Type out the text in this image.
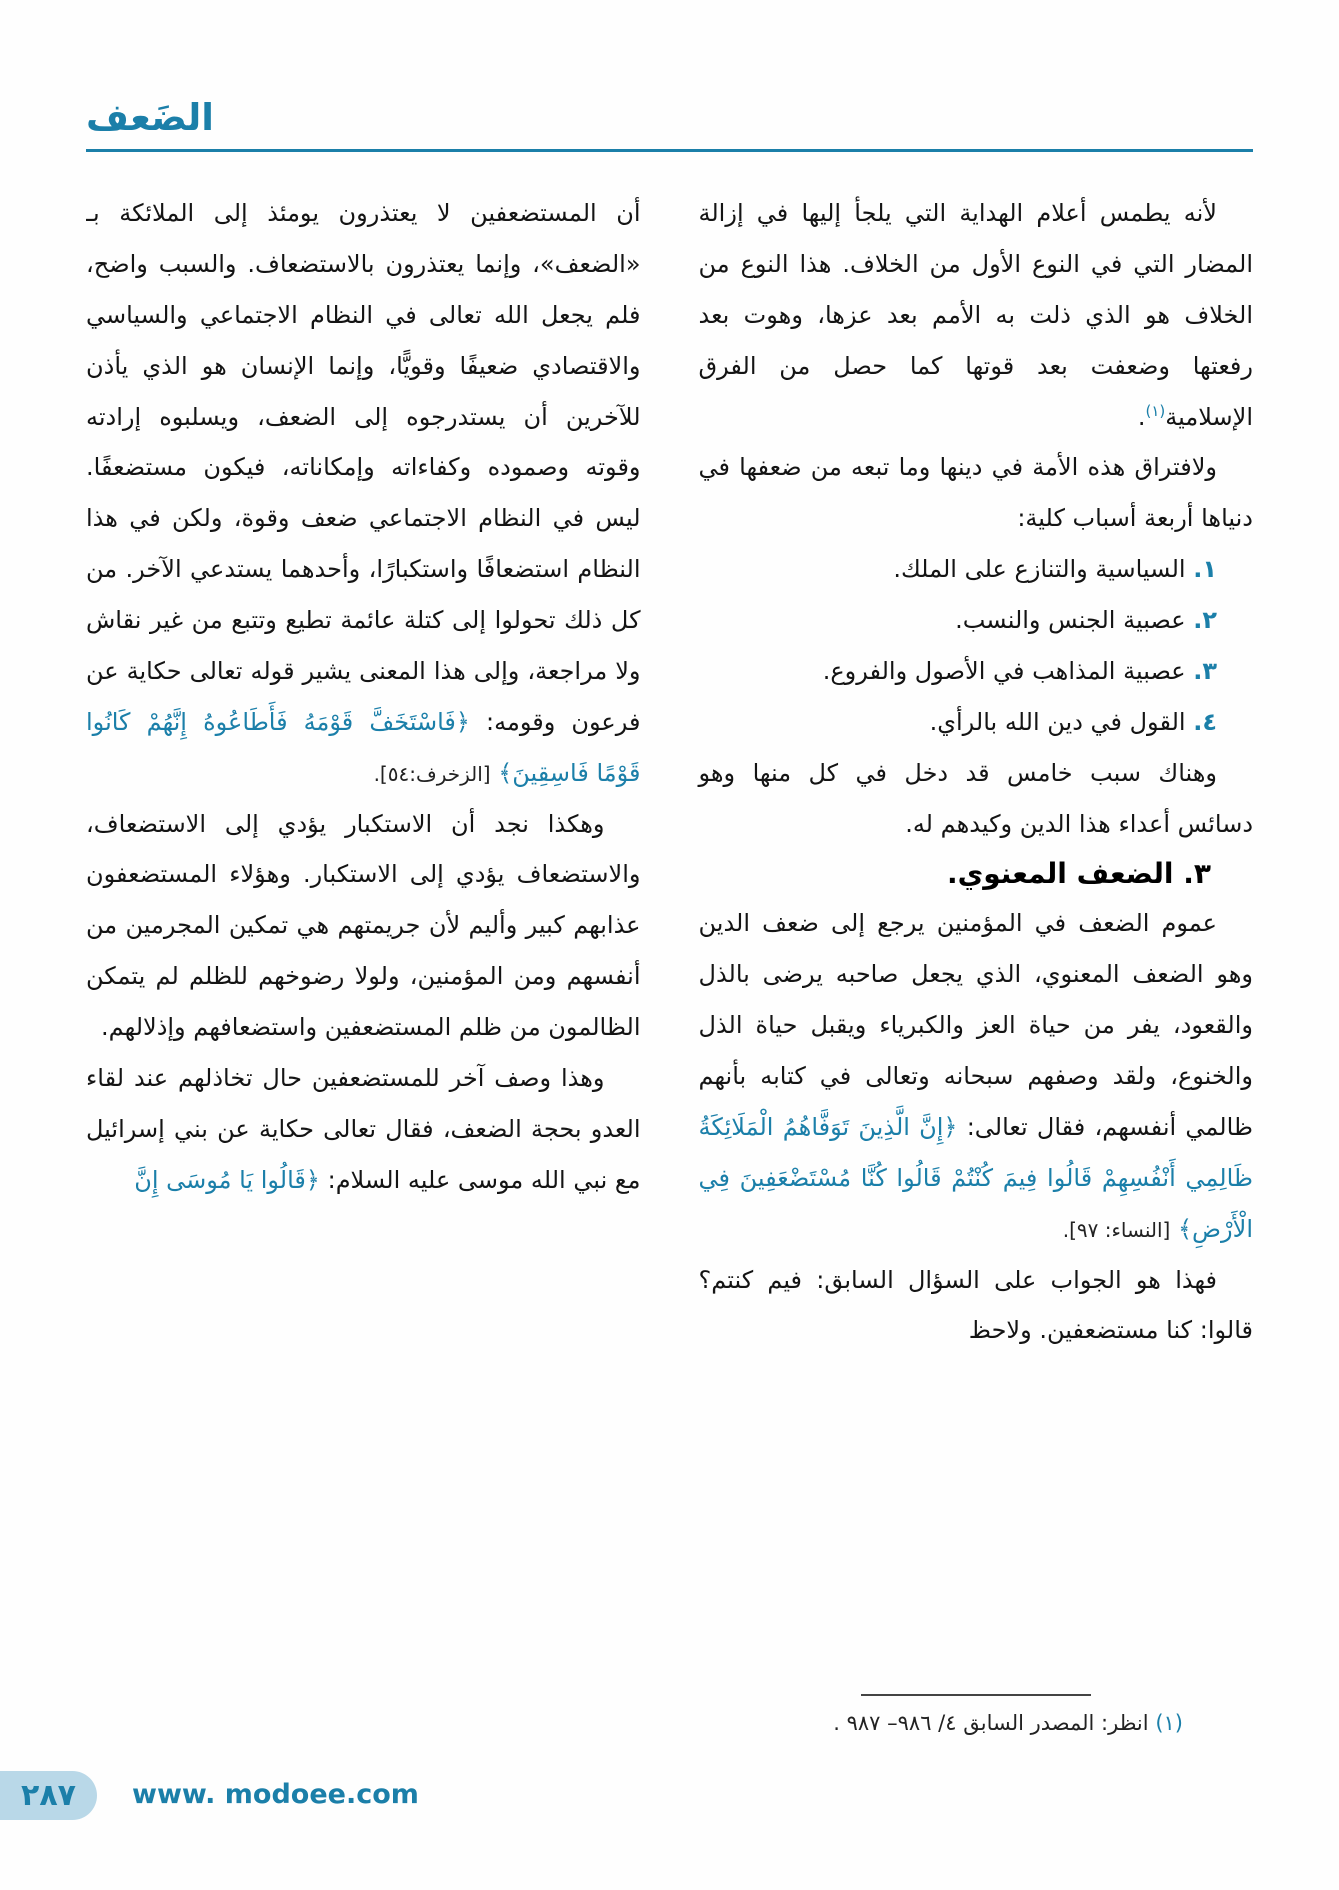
الضَعف

لأنه يطمس أعلام الهداية التي يلجأ إليها في إزالة المضار التي في النوع الأول من الخلاف. هذا النوع من الخلاف هو الذي ذلت به الأمم بعد عزها، وهوت بعد رفعتها وضعفت بعد قوتها كما حصل من الفرق الإسلامية$^{(١)}$.

ولافتراق هذه الأمة في دينها وما تبعه من ضعفها في دنياها أربعة أسباب كلية:

١. السياسية والتنازع على الملك.

٢. عصبية الجنس والنسب.

٣. عصبية المذاهب في الأصول والفروع.

٤. القول في دين الله بالرأي.

وهناك سبب خامس قد دخل في كل منها وهو دسائس أعداء هذا الدين وكيدهم له.

٣. الضعف المعنوي.

عموم الضعف في المؤمنين يرجع إلى ضعف الدين وهو الضعف المعنوي، الذي يجعل صاحبه يرضى بالذل والقعود، يفر من حياة العز والكبرياء ويقبل حياة الذل والخنوع، ولقد وصفهم سبحانه وتعالى في كتابه بأنهم ظالمي أنفسهم، فقال تعالى: ﴿إِنَّ الَّذِينَ تَوَفَّاهُمُ الْمَلَائِكَةُ ظَالِمِي أَنْفُسِهِمْ قَالُوا فِيمَ كُنْتُمْ قَالُوا كُنَّا مُسْتَضْعَفِينَ فِي الْأَرْضِ﴾ [النساء: ٩٧].

فهذا هو الجواب على السؤال السابق: فيم كنتم؟ قالوا: كنا مستضعفين. ولاحظ

(١) انظر: المصدر السابق ٤/ ٩٨٦– ٩٨٧ .

أن المستضعفين لا يعتذرون يومئذ إلى الملائكة بـ «الضعف»، وإنما يعتذرون بالاستضعاف. والسبب واضح، فلم يجعل الله تعالى في النظام الاجتماعي والسياسي والاقتصادي ضعيفًا وقويًّا، وإنما الإنسان هو الذي يأذن للآخرين أن يستدرجوه إلى الضعف، ويسلبوه إرادته وقوته وصموده وكفاءاته وإمكاناته، فيكون مستضعفًا. ليس في النظام الاجتماعي ضعف وقوة، ولكن في هذا النظام استضعافًا واستكبارًا، وأحدهما يستدعي الآخر. من كل ذلك تحولوا إلى كتلة عائمة تطيع وتتبع من غير نقاش ولا مراجعة، وإلى هذا المعنى يشير قوله تعالى حكاية عن فرعون وقومه: ﴿فَاسْتَخَفَّ قَوْمَهُ فَأَطَاعُوهُ إِنَّهُمْ كَانُوا قَوْمًا فَاسِقِينَ﴾ [الزخرف:٥٤].

وهكذا نجد أن الاستكبار يؤدي إلى الاستضعاف، والاستضعاف يؤدي إلى الاستكبار. وهؤلاء المستضعفون عذابهم كبير وأليم لأن جريمتهم هي تمكين المجرمين من أنفسهم ومن المؤمنين، ولولا رضوخهم للظلم لم يتمكن الظالمون من ظلم المستضعفين واستضعافهم وإذلالهم.

وهذا وصف آخر للمستضعفين حال تخاذلهم عند لقاء العدو بحجة الضعف، فقال تعالى حكاية عن بني إسرائيل مع نبي الله موسى عليه السلام: ﴿قَالُوا يَا مُوسَى إِنَّ

٢٨٧ www. modoee.com
